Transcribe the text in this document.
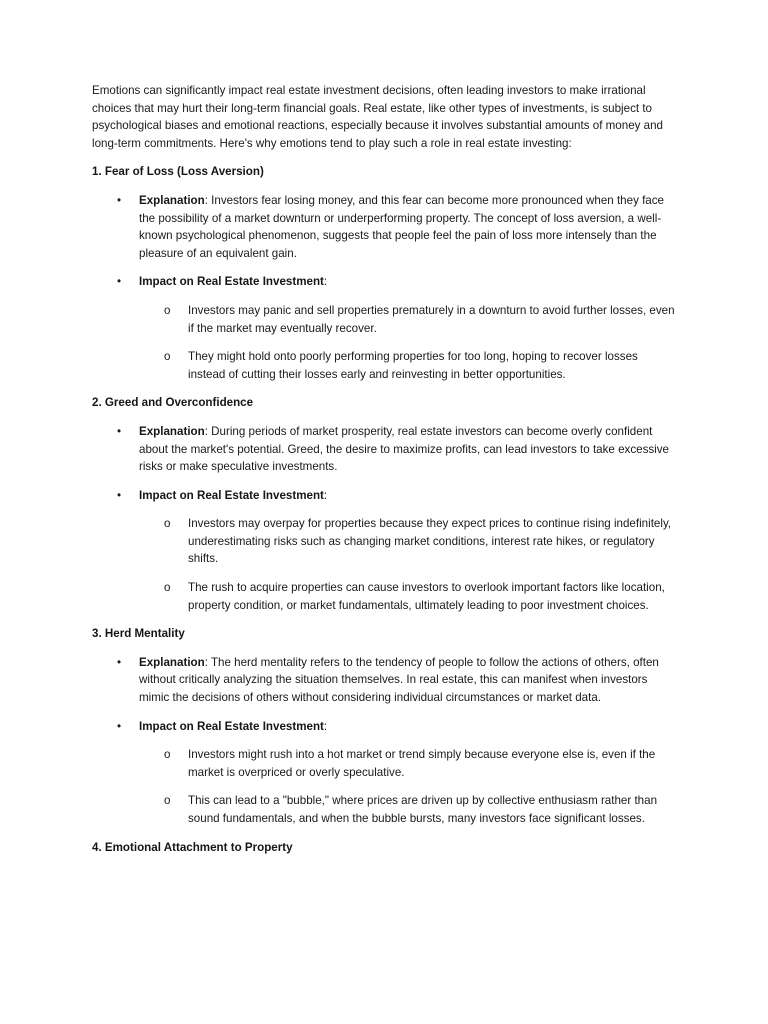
Emotions can significantly impact real estate investment decisions, often leading investors to make irrational choices that may hurt their long-term financial goals. Real estate, like other types of investments, is subject to psychological biases and emotional reactions, especially because it involves substantial amounts of money and long-term commitments. Here's why emotions tend to play such a role in real estate investing:

1. Fear of Loss (Loss Aversion)
• Explanation: Investors fear losing money, and this fear can become more pronounced when they face the possibility of a market downturn or underperforming property. The concept of loss aversion, a well-known psychological phenomenon, suggests that people feel the pain of loss more intensely than the pleasure of an equivalent gain.
• Impact on Real Estate Investment:
o Investors may panic and sell properties prematurely in a downturn to avoid further losses, even if the market may eventually recover.
o They might hold onto poorly performing properties for too long, hoping to recover losses instead of cutting their losses early and reinvesting in better opportunities.
2. Greed and Overconfidence
• Explanation: During periods of market prosperity, real estate investors can become overly confident about the market's potential. Greed, the desire to maximize profits, can lead investors to take excessive risks or make speculative investments.
• Impact on Real Estate Investment:
o Investors may overpay for properties because they expect prices to continue rising indefinitely, underestimating risks such as changing market conditions, interest rate hikes, or regulatory shifts.
o The rush to acquire properties can cause investors to overlook important factors like location, property condition, or market fundamentals, ultimately leading to poor investment choices.
3. Herd Mentality
• Explanation: The herd mentality refers to the tendency of people to follow the actions of others, often without critically analyzing the situation themselves. In real estate, this can manifest when investors mimic the decisions of others without considering individual circumstances or market data.
• Impact on Real Estate Investment:
o Investors might rush into a hot market or trend simply because everyone else is, even if the market is overpriced or overly speculative.
o This can lead to a "bubble," where prices are driven up by collective enthusiasm rather than sound fundamentals, and when the bubble bursts, many investors face significant losses.
4. Emotional Attachment to Property
